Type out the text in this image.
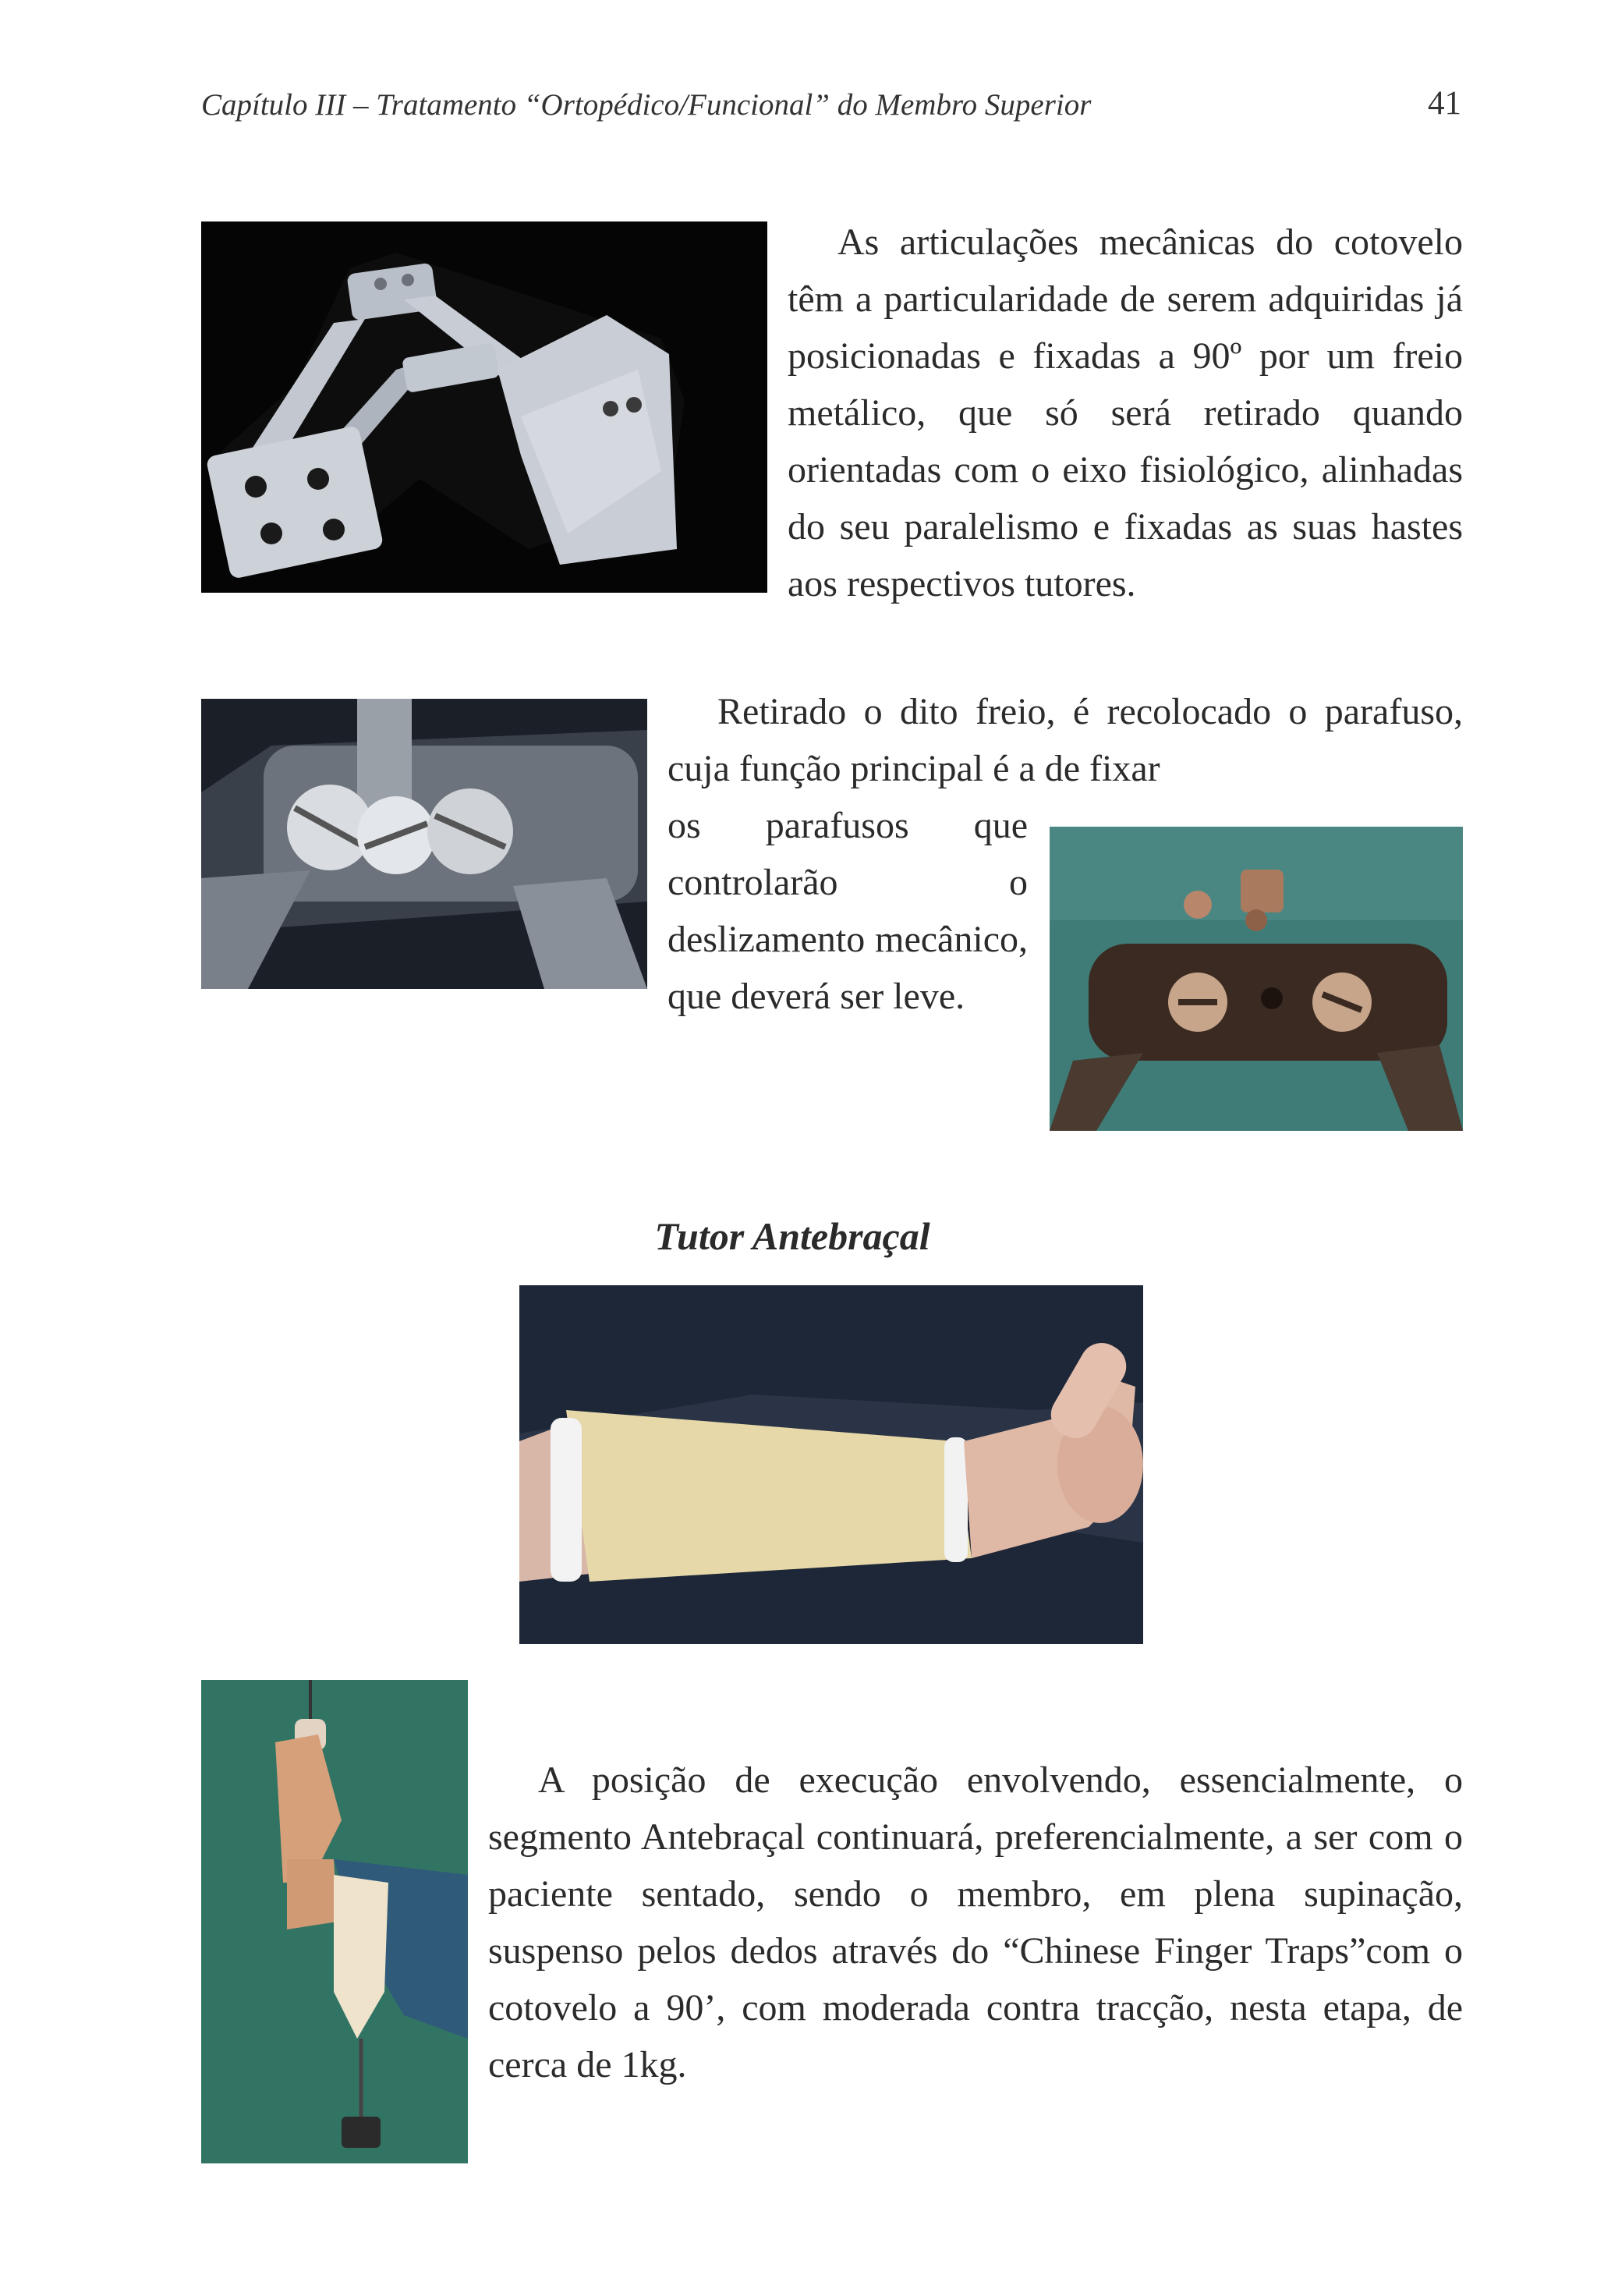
Capítulo III – Tratamento “Ortopédico/Funcional” do Membro Superior	41

As articulações mecânicas do cotovelo têm a particularidade de serem adquiridas já posicionadas e fixadas a 90º por um freio metálico, que só será retirado quando orientadas com o eixo fisiológico, alinhadas do seu paralelismo e fixadas as suas hastes aos respectivos tutores.

Retirado o dito freio, é recolocado o parafuso, cuja função principal é a de fixar

os parafusos que controlarão o deslizamento mecânico, que deverá ser leve.

Tutor Antebraçal

A posição de execução envolvendo, essencialmente, o segmento Antebraçal continuará, preferencialmente, a ser com o paciente sentado, sendo o membro, em plena supinação, suspenso pelos dedos através do “Chinese Finger Traps”com o cotovelo a 90’, com moderada contra tracção, nesta etapa, de cerca de 1kg.
